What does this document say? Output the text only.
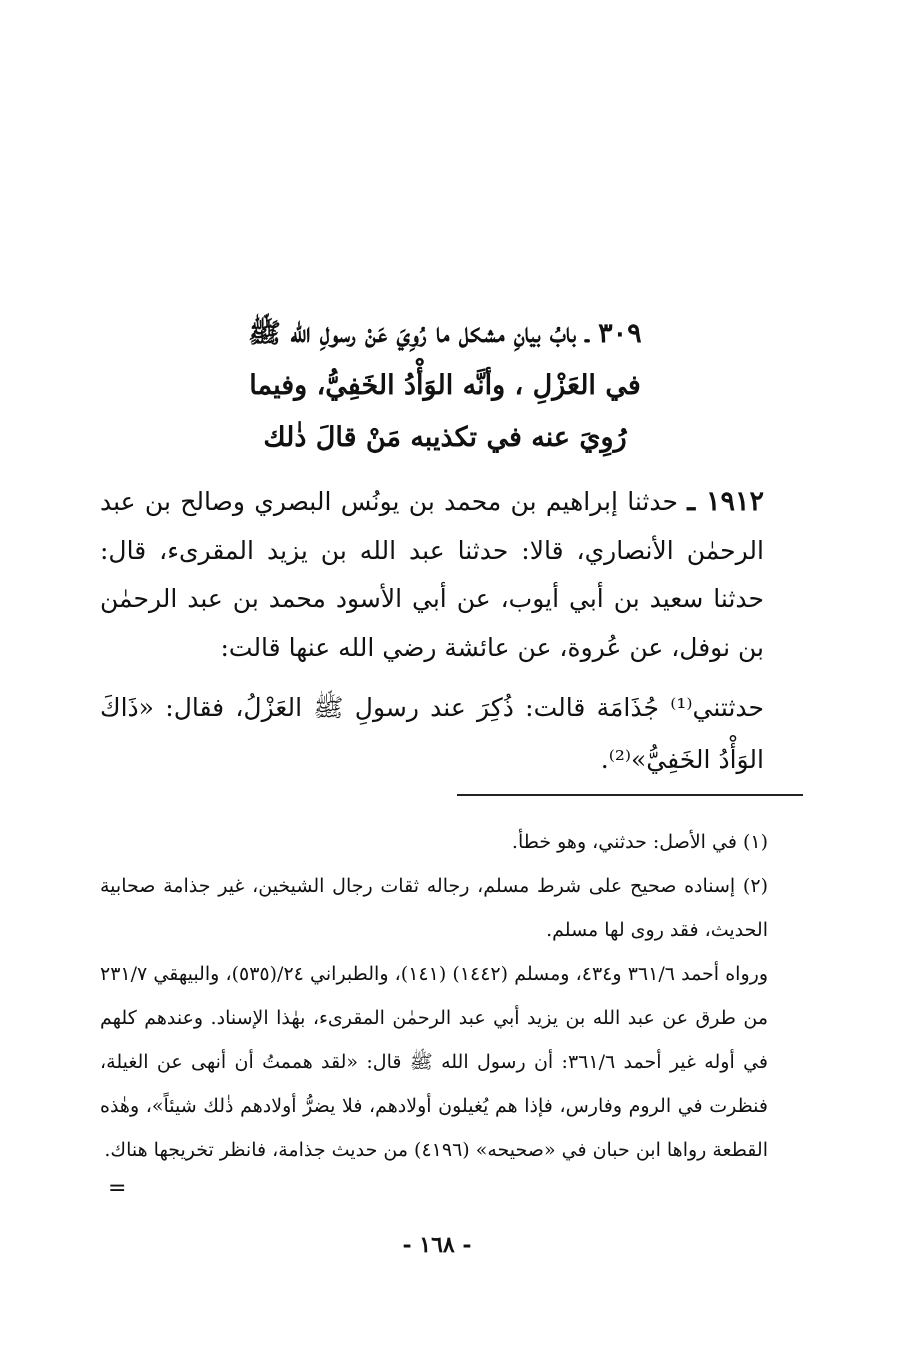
٣٠٩ ـ بابُ بيانِ مشكل ما رُوِيَ عَنْ رسولِ الله ﷺ
في العَزْلِ ، وأنَّه الوَأْدُ الخَفِيُّ، وفيما
رُوِيَ عنه في تكذيبه مَنْ قالَ ذٰلك
١٩١٢ ـ حدثنا إبراهيم بن محمد بن يونُس البصري وصالح بن عبد الرحمٰن الأنصاري، قالا: حدثنا عبد الله بن يزيد المقرىء، قال: حدثنا سعيد بن أبي أيوب، عن أبي الأسود محمد بن عبد الرحمٰن بن نوفل، عن عُروة، عن عائشة رضي الله عنها قالت:
حدثتني⁽¹⁾ جُذَامَة قالت: ذُكِرَ عند رسولِ ﷺ العَزْلُ، فقال: «ذَاكَ الوَأْدُ الخَفِيُّ»⁽²⁾.

(١) في الأصل: حدثني، وهو خطأ.

(٢) إسناده صحيح على شرط مسلم، رجاله ثقات رجال الشيخين، غير جذامة صحابية الحديث، فقد روى لها مسلم.

ورواه أحمد ٣٦١/٦ و٤٣٤، ومسلم (١٤٤٢) (١٤١)، والطبراني ٢٤/(٥٣٥)، والبيهقي ٢٣١/٧ من طرق عن عبد الله بن يزيد أبي عبد الرحمٰن المقرىء، بهٰذا الإسناد. وعندهم كلهم في أوله غير أحمد ٣٦١/٦: أن رسول الله ﷺ قال: «لقد هممتُ أن أنهى عن الغيلة، فنظرت في الروم وفارس، فإذا هم يُغيلون أولادهم، فلا يضرُّ أولادهم ذٰلك شيئاً»، وهٰذه القطعة رواها ابن حبان في «صحيحه» (٤١٩٦) من حديث جذامة، فانظر تخريجها هناك.

=
- ١٦٨ -
